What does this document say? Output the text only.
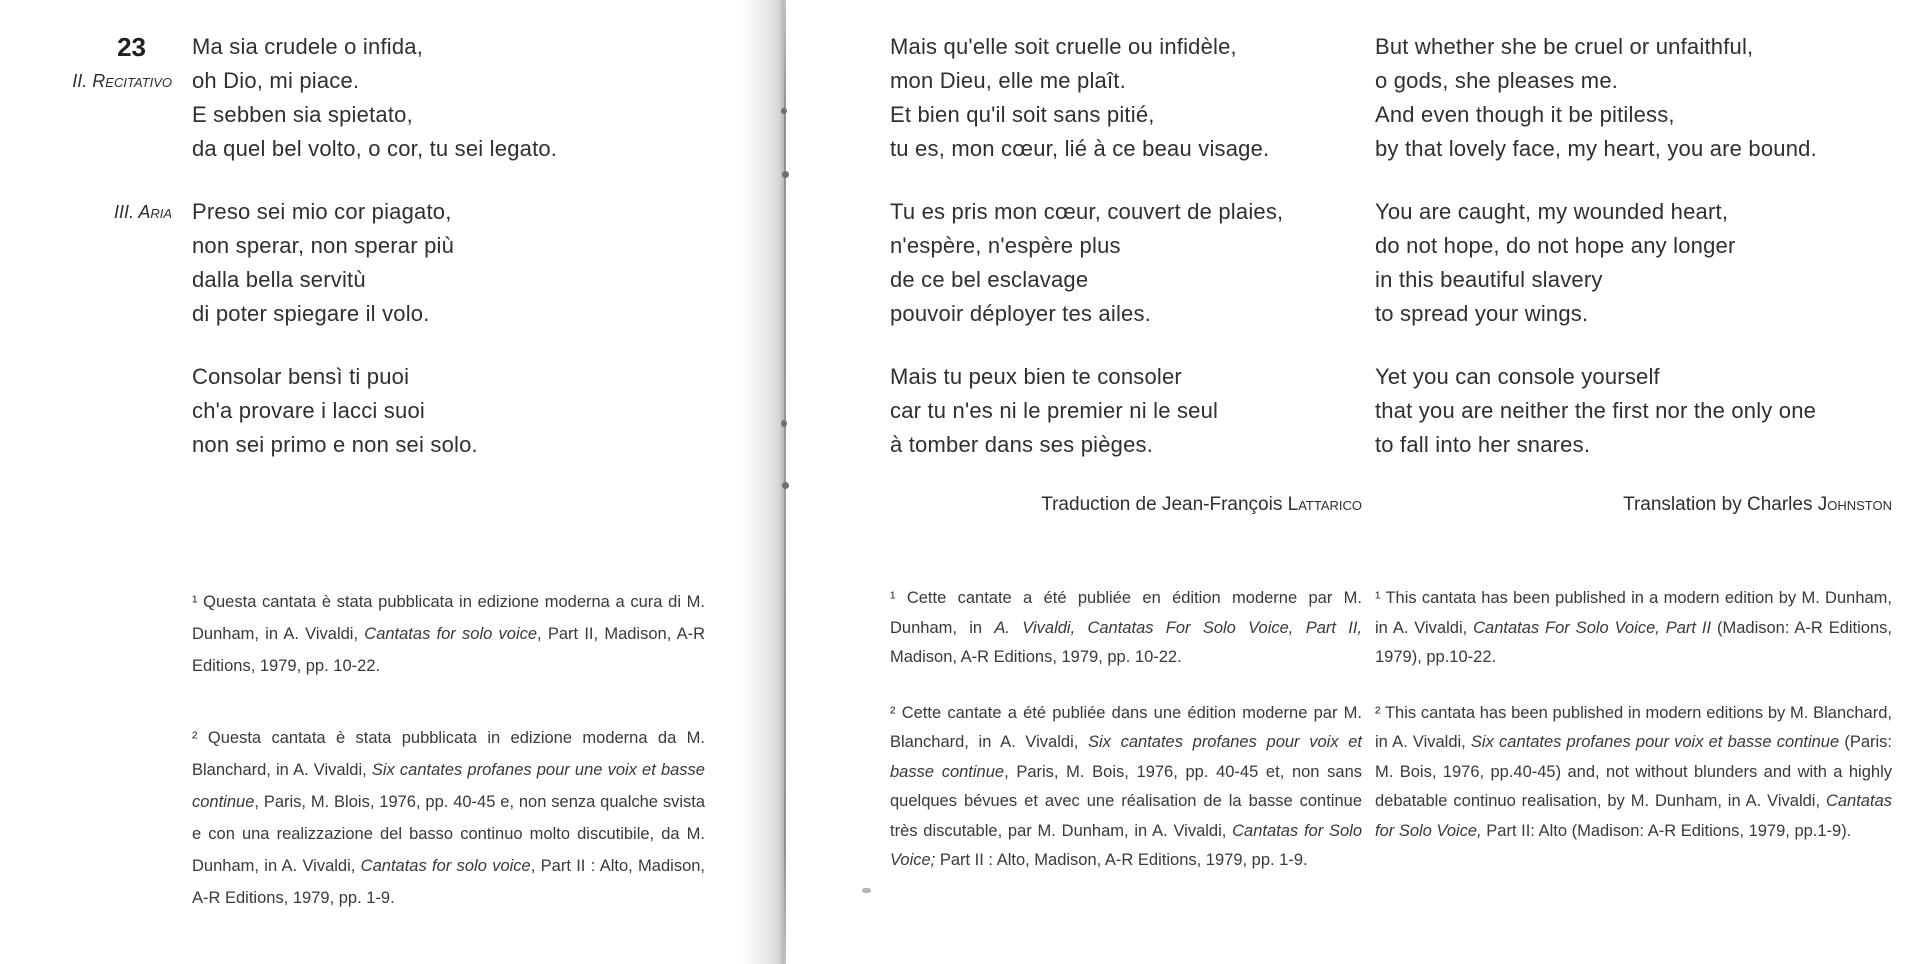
23
II. Recitativo
Ma sia crudele o infida,
oh Dio, mi piace.
E sebben sia spietato,
da quel bel volto, o cor, tu sei legato.
III. Aria Preso sei mio cor piagato,
non sperar, non sperar più
dalla bella servitù
di poter spiegare il volo.
Consolar bensì ti puoi
ch'a provare i lacci suoi
non sei primo e non sei solo.

¹ Questa cantata è stata pubblicata in edizione moderna a cura di M. Dunham, in A. Vivaldi, Cantatas for solo voice, Part II, Madison, A-R Editions, 1979, pp. 10-22.

² Questa cantata è stata pubblicata in edizione moderna da M. Blanchard, in A. Vivaldi, Six cantates profanes pour une voix et basse continue, Paris, M. Blois, 1976, pp. 40-45 e, non senza qualche svista e con una realizzazione del basso continuo molto discutibile, da M. Dunham, in A. Vivaldi, Cantatas for solo voice, Part II : Alto, Madison, A-R Editions, 1979, pp. 1-9.

Mais qu'elle soit cruelle ou infidèle,
mon Dieu, elle me plaît.
Et bien qu'il soit sans pitié,
tu es, mon cœur, lié à ce beau visage.
Tu es pris mon cœur, couvert de plaies,
n'espère, n'espère plus
de ce bel esclavage
pouvoir déployer tes ailes.
Mais tu peux bien te consoler
car tu n'es ni le premier ni le seul
à tomber dans ses pièges.
Traduction de Jean-François Lattarico

¹ Cette cantate a été publiée en édition moderne par M. Dunham, in A. Vivaldi, Cantatas For Solo Voice, Part II, Madison, A-R Editions, 1979, pp. 10-22.

² Cette cantate a été publiée dans une édition moderne par M. Blanchard, in A. Vivaldi, Six cantates profanes pour voix et basse continue, Paris, M. Bois, 1976, pp. 40-45 et, non sans quelques bévues et avec une réalisation de la basse continue très discutable, par M. Dunham, in A. Vivaldi, Cantatas for Solo Voice; Part II : Alto, Madison, A-R Editions, 1979, pp. 1-9.

But whether she be cruel or unfaithful,
o gods, she pleases me.
And even though it be pitiless,
by that lovely face, my heart, you are bound.
You are caught, my wounded heart,
do not hope, do not hope any longer
in this beautiful slavery
to spread your wings.
Yet you can console yourself
that you are neither the first nor the only one
to fall into her snares.
Translation by Charles Johnston

¹ This cantata has been published in a modern edition by M. Dunham, in A. Vivaldi, Cantatas For Solo Voice, Part II (Madison: A-R Editions, 1979), pp.10-22.

² This cantata has been published in modern editions by M. Blanchard, in A. Vivaldi, Six cantates profanes pour voix et basse continue (Paris: M. Bois, 1976, pp.40-45) and, not without blunders and with a highly debatable continuo realisation, by M. Dunham, in A. Vivaldi, Cantatas for Solo Voice, Part II: Alto (Madison: A-R Editions, 1979, pp.1-9).
